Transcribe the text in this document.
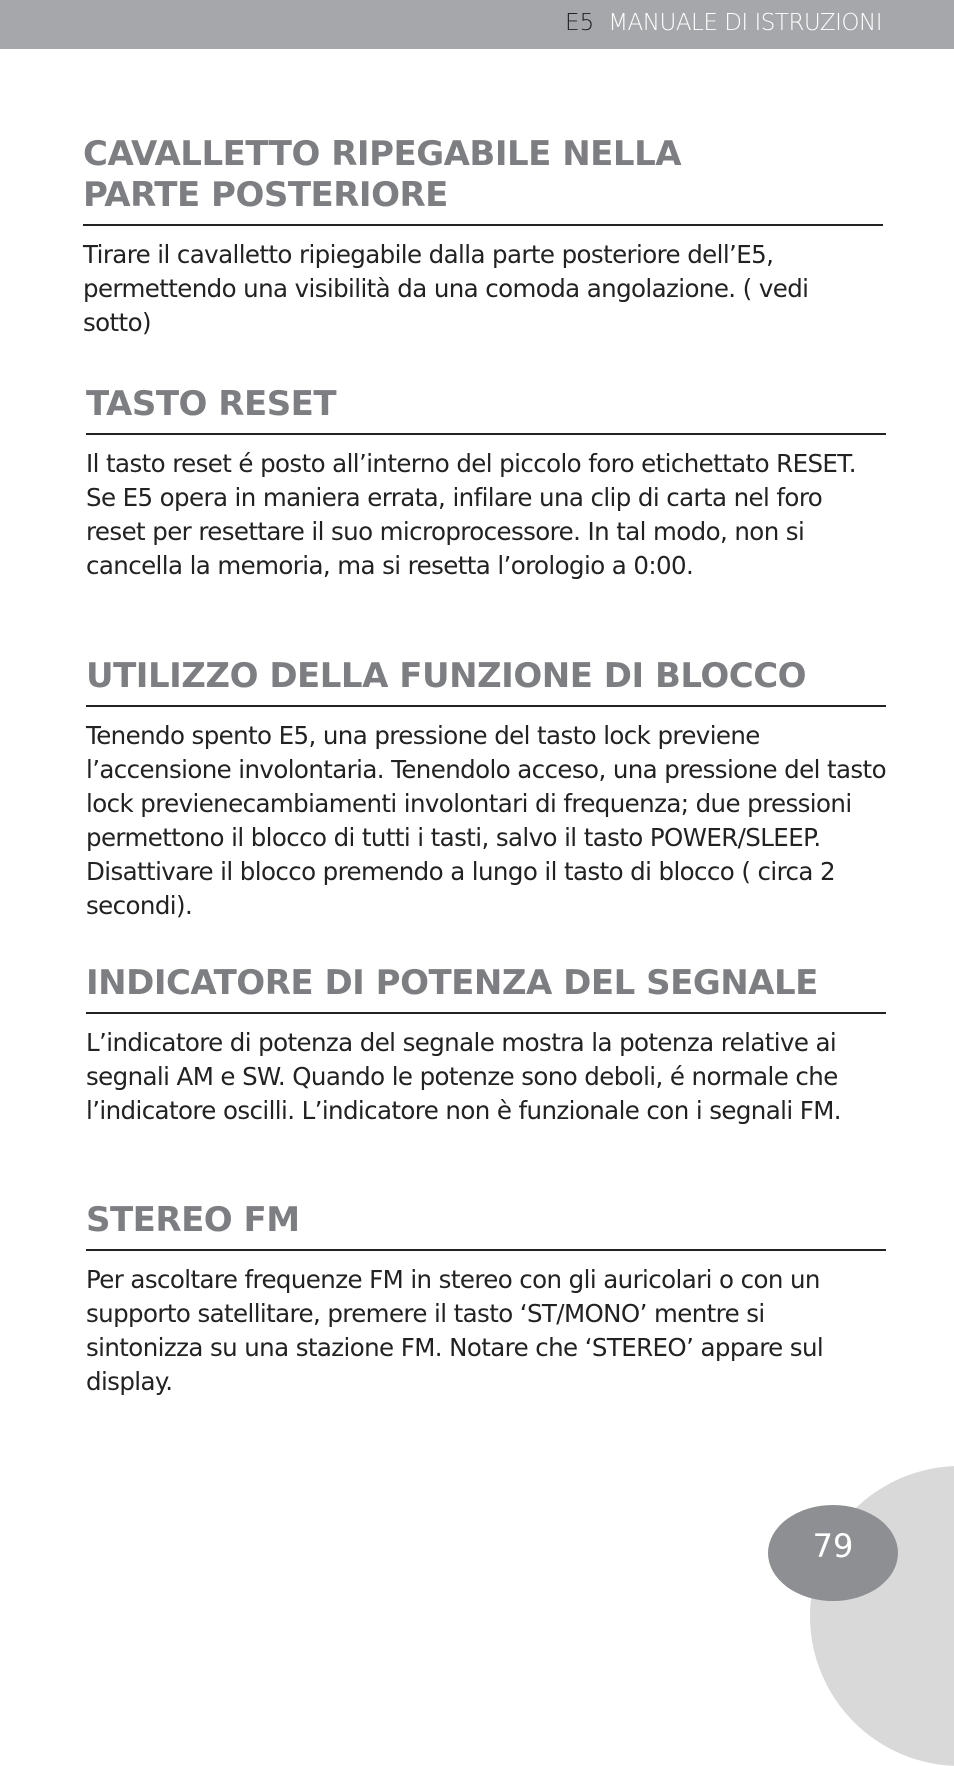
E5 MANUALE DI ISTRUZIONI
CAVALLETTO RIPEGABILE NELLA PARTE POSTERIORE

Tirare il cavalletto ripiegabile dalla parte posteriore dell’E5, permettendo una visibilità da una comoda angolazione. ( vedi sotto)

TASTO RESET

Il tasto reset é posto all’interno del piccolo foro etichettato RESET. Se E5 opera in maniera errata, infilare una clip di carta nel foro reset per resettare il suo microprocessore. In tal modo, non si cancella la memoria, ma si resetta l’orologio a 0:00.

UTILIZZO DELLA FUNZIONE DI BLOCCO

Tenendo spento E5, una pressione del tasto lock previene l’accensione involontaria. Tenendolo acceso, una pressione del tasto lock previenecambiamenti involontari di frequenza; due pressioni permettono il blocco di tutti i tasti, salvo il tasto POWER/SLEEP. Disattivare il blocco premendo a lungo il tasto di blocco ( circa 2 secondi).

INDICATORE DI POTENZA DEL SEGNALE

L’indicatore di potenza del segnale mostra la potenza relative ai segnali AM e SW. Quando le potenze sono deboli, é normale che l’indicatore oscilli. L’indicatore non è funzionale con i segnali FM.

STEREO FM

Per ascoltare frequenze FM in stereo con gli auricolari o con un supporto satellitare, premere il tasto ‘ST/MONO’ mentre si sintonizza su una stazione FM. Notare che ‘STEREO’ appare sul display.

79
